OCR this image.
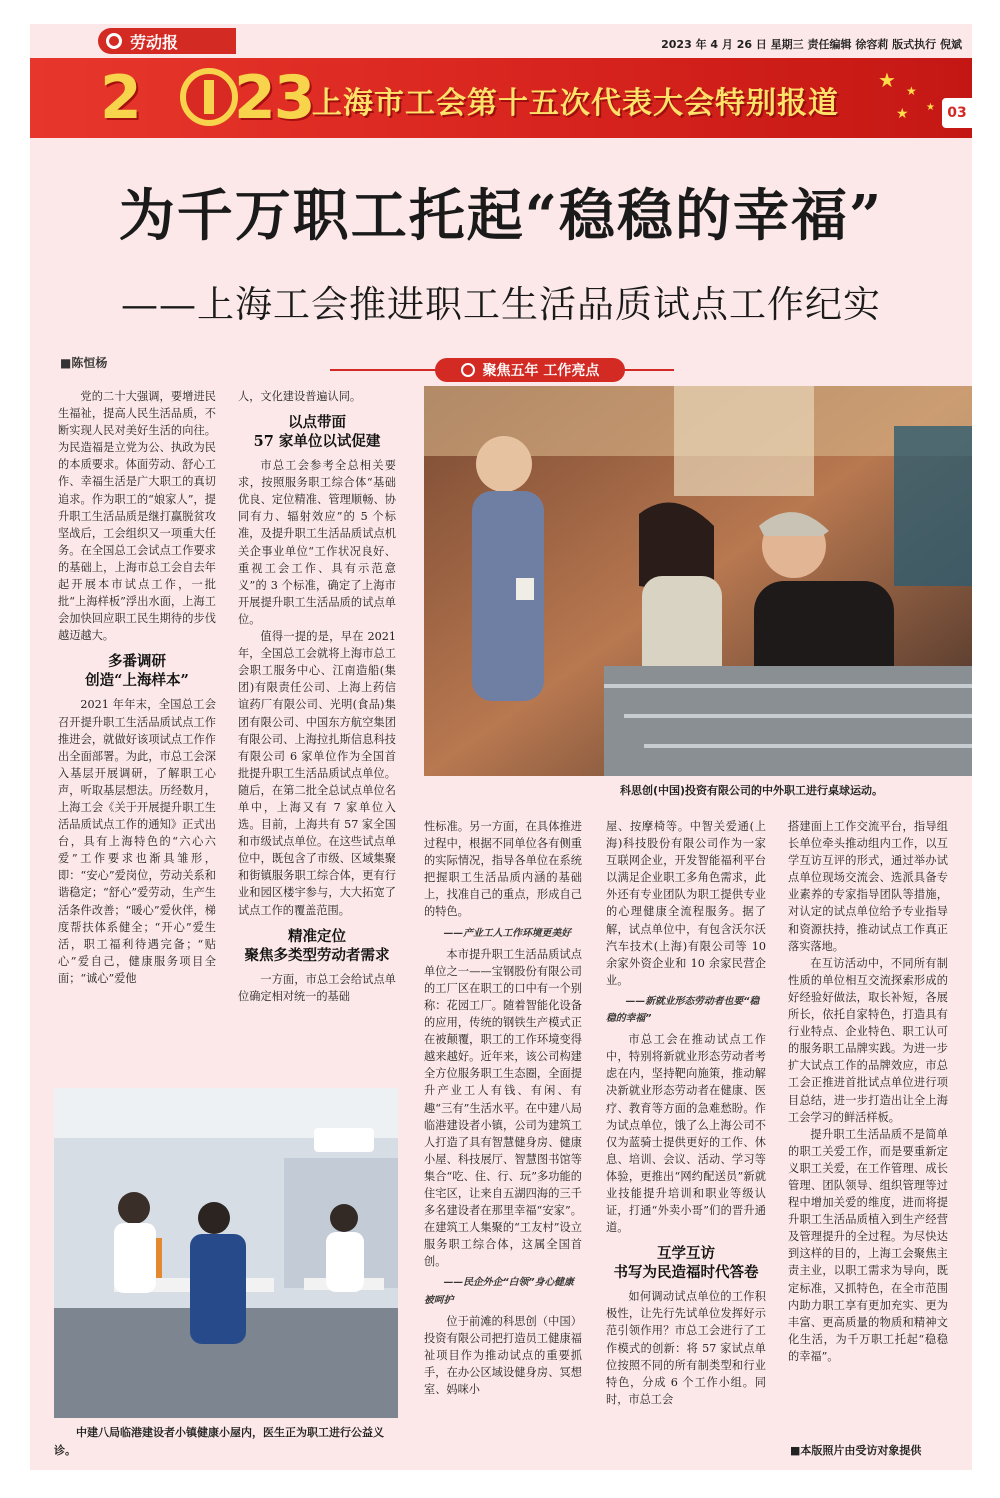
劳动报	2023 年 4 月 26 日 星期三 责任编辑 徐容莉 版式执行 倪斌
2 23
上海市工会第十五次代表大会特别报道
★ ★
★ ★ 03
为千万职工托起“稳稳的幸福”
——上海工会推进职工生活品质试点工作纪实
■陈恒杨	聚焦五年 工作亮点

党的二十大强调，要增进民生福祉，提高人民生活品质，不断实现人民对美好生活的向往。为民造福是立党为公、执政为民的本质要求。体面劳动、舒心工作、幸福生活是广大职工的真切追求。作为职工的“娘家人”，提升职工生活品质是继打赢脱贫攻坚战后，工会组织又一项重大任务。在全国总工会试点工作要求的基础上，上海市总工会自去年起开展本市试点工作，一批批“上海样板”浮出水面，上海工会加快回应职工民生期待的步伐越迈越大。

多番调研
创造“上海样本”

2021 年年末，全国总工会召开提升职工生活品质试点工作推进会，就做好该项试点工作作出全面部署。为此，市总工会深入基层开展调研，了解职工心声，听取基层想法。历经数月，上海工会《关于开展提升职工生活品质试点工作的通知》正式出台，具有上海特色的“六心六爱”工作要求也渐具雏形，即：“安心”爱岗位，劳动关系和谐稳定；“舒心”爱劳动，生产生活条件改善；“暖心”爱伙伴，梯度帮扶体系健全；“开心”爱生活，职工福利待遇完备；“贴心”爱自己，健康服务项目全面；“诚心”爱他

人，文化建设普遍认同。

以点带面
57 家单位以试促建

市总工会参考全总相关要求，按照服务职工综合体“基础优良、定位精准、管理顺畅、协同有力、辐射效应”的 5 个标准，及提升职工生活品质试点机关企事业单位“工作状况良好、重视工会工作、具有示范意义”的 3 个标准，确定了上海市开展提升职工生活品质的试点单位。

值得一提的是，早在 2021 年，全国总工会就将上海市总工会职工服务中心、江南造船(集团)有限责任公司、上海上药信谊药厂有限公司、光明(食品)集团有限公司、中国东方航空集团有限公司、上海拉扎斯信息科技有限公司 6 家单位作为全国首批提升职工生活品质试点单位。随后，在第二批全总试点单位名单中，上海又有 7 家单位入选。目前，上海共有 57 家全国和市级试点单位。在这些试点单位中，既包含了市级、区域集聚和街镇服务职工综合体，更有行业和园区楼宇参与，大大拓宽了试点工作的覆盖范围。

精准定位
聚焦多类型劳动者需求

一方面，市总工会给试点单位确定相对统一的基础

科思创(中国)投资有限公司的中外职工进行桌球运动。

性标准。另一方面，在具体推进过程中，根据不同单位各有侧重的实际情况，指导各单位在系统把握职工生活品质内涵的基础上，找准自己的重点，形成自己的特色。

——产业工人工作环境更美好

本市提升职工生活品质试点单位之一——宝钢股份有限公司的工厂区在职工的口中有一个别称：花园工厂。随着智能化设备的应用，传统的钢铁生产模式正在被颠覆，职工的工作环境变得越来越好。近年来，该公司构建全方位服务职工生态圈，全面提升产业工人有钱、有闲、有趣“三有”生活水平。在中建八局临港建设者小镇，公司为建筑工人打造了具有智慧健身房、健康小屋、科技展厅、智慧图书馆等集合“吃、住、行、玩”多功能的住宅区，让来自五湖四海的三千多名建设者在那里幸福“安家”。在建筑工人集聚的“工友村”设立服务职工综合体，这属全国首创。

——民企外企“白领”身心健康被呵护

位于前滩的科思创（中国）投资有限公司把打造员工健康福祉项目作为推动试点的重要抓手，在办公区域设健身房、冥想室、妈咪小

屋、按摩椅等。中智关爱通(上海)科技股份有限公司作为一家互联网企业，开发智能福利平台以满足企业职工多角色需求，此外还有专业团队为职工提供专业的心理健康全流程服务。据了解，试点单位中，有包含沃尔沃汽车技术(上海)有限公司等 10 余家外资企业和 10 余家民营企业。

——新就业形态劳动者也要“稳稳的幸福”

市总工会在推动试点工作中，特别将新就业形态劳动者考虑在内，坚持靶向施策，推动解决新就业形态劳动者在健康、医疗、教育等方面的急难愁盼。作为试点单位，饿了么上海公司不仅为蓝骑士提供更好的工作、休息、培训、会议、活动、学习等体验，更推出“网约配送员”新就业技能提升培训和职业等级认证，打通“外卖小哥”们的晋升通道。

互学互访
书写为民造福时代答卷

如何调动试点单位的工作积极性，让先行先试单位发挥好示范引领作用？市总工会进行了工作模式的创新：将 57 家试点单位按照不同的所有制类型和行业特色，分成 6 个工作小组。同时，市总工会

搭建面上工作交流平台，指导组长单位牵头推动组内工作，以互学互访互评的形式，通过举办试点单位现场交流会、选派具备专业素养的专家指导团队等措施，对认定的试点单位给予专业指导和资源扶持，推动试点工作真正落实落地。

在互访活动中，不同所有制性质的单位相互交流探索形成的好经验好做法，取长补短，各展所长，依托自家特色，打造具有行业特点、企业特色、职工认可的服务职工品牌实践。为进一步扩大试点工作的品牌效应，市总工会正推进首批试点单位进行项目总结，进一步打造出让全上海工会学习的鲜活样板。

提升职工生活品质不是简单的职工关爱工作，而是要重新定义职工关爱，在工作管理、成长管理、团队领导、组织管理等过程中增加关爱的维度，进而将提升职工生活品质植入到生产经营及管理提升的全过程。为尽快达到这样的目的，上海工会聚焦主责主业，以职工需求为导向，既定标准，又抓特色，在全市范围内助力职工享有更加充实、更为丰富、更高质量的物质和精神文化生活，为千万职工托起“稳稳的幸福”。

药 箱
中建八局临港建设者小镇健康小屋内，医生正为职工进行公益义诊。	■本版照片由受访对象提供
